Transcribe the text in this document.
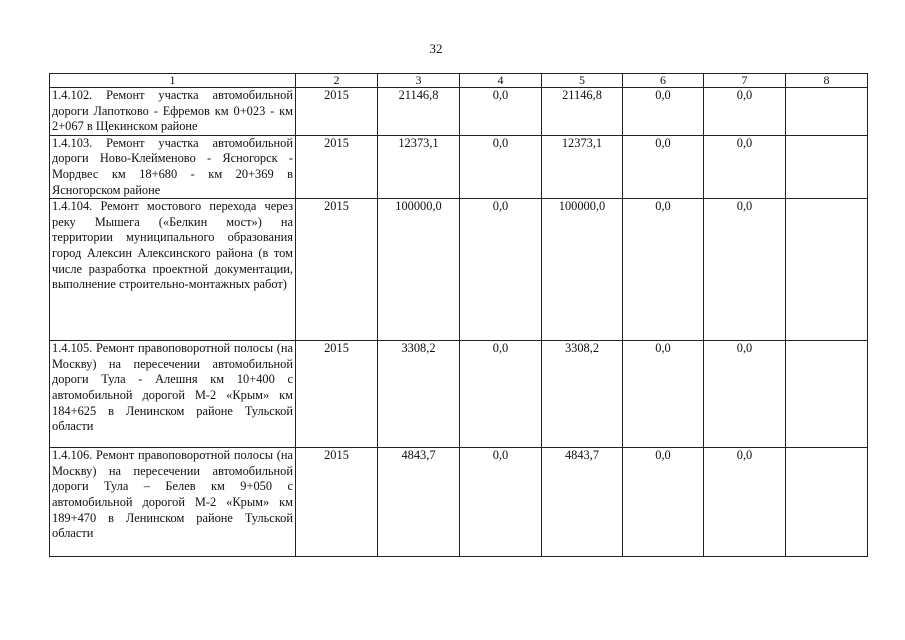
32
1	2	3	4	5	6	7	8
1.4.102. Ремонт участка автомобильной дороги Лапотково - Ефремов км 0+023 - км 2+067 в Щекинском районе	2015	21146,8	0,0	21146,8	0,0	0,0	
1.4.103. Ремонт участка автомобильной дороги Ново-Клейменово - Ясногорск - Мордвес км 18+680 - км 20+369 в Ясногорском районе	2015	12373,1	0,0	12373,1	0,0	0,0	
1.4.104. Ремонт мостового перехода через реку Мышега («Белкин мост») на территории муниципального образования город Алексин Алексинского района (в том числе разработка проектной документации, выполнение строительно-монтажных работ)	2015	100000,0	0,0	100000,0	0,0	0,0	
1.4.105. Ремонт правоповоротной полосы (на Москву) на пересечении автомобильной дороги Тула - Алешня км 10+400 с автомобильной дорогой М-2 «Крым» км 184+625 в Ленинском районе Тульской области	2015	3308,2	0,0	3308,2	0,0	0,0	
1.4.106. Ремонт правоповоротной полосы (на Москву) на пересечении автомобильной дороги Тула – Белев км 9+050 с автомобильной дорогой М-2 «Крым» км 189+470 в Ленинском районе Тульской области	2015	4843,7	0,0	4843,7	0,0	0,0	
